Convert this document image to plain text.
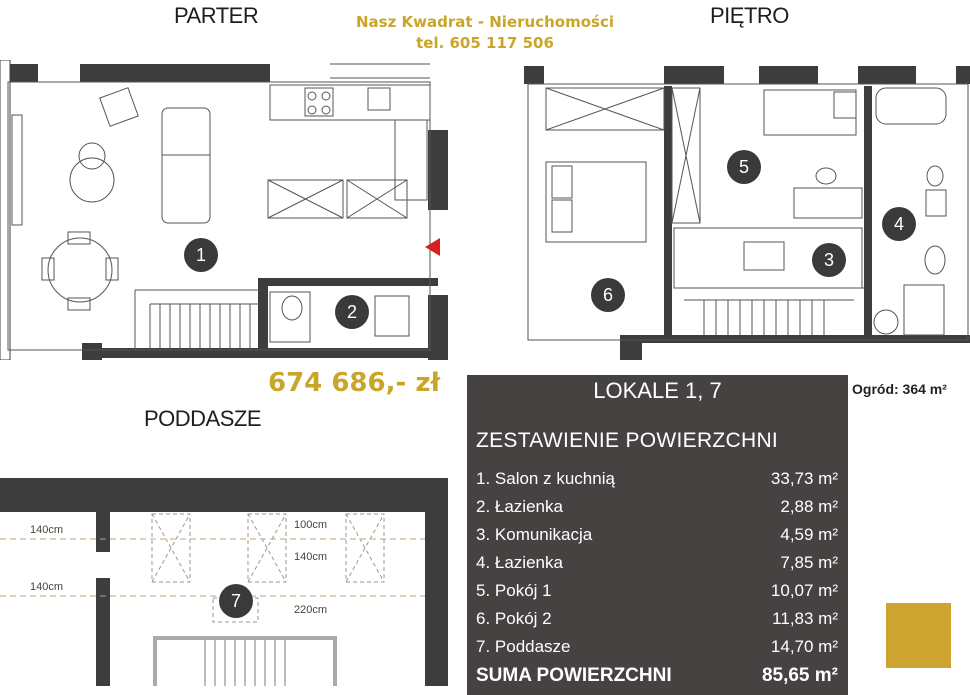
PARTER	PIĘTRO
PODDASZE
Nasz Kwadrat - Nieruchomości
tel. 605 117 506
674 686,- zł	Ogród: 364 m²
140cm	100cm
140cm
140cm
220cm
1
2
3
4
5
6
7
LOKALE 1, 7
ZESTAWIENIE POWIERZCHNI
1. Salon z kuchnią	33,73 m²
2. Łazienka	2,88 m²
3. Komunikacja	4,59 m²
4. Łazienka	7,85 m²
5. Pokój 1	10,07 m²
6. Pokój 2	11,83 m²
7. Poddasze	14,70 m²
SUMA POWIERZCHNI	85,65 m²
